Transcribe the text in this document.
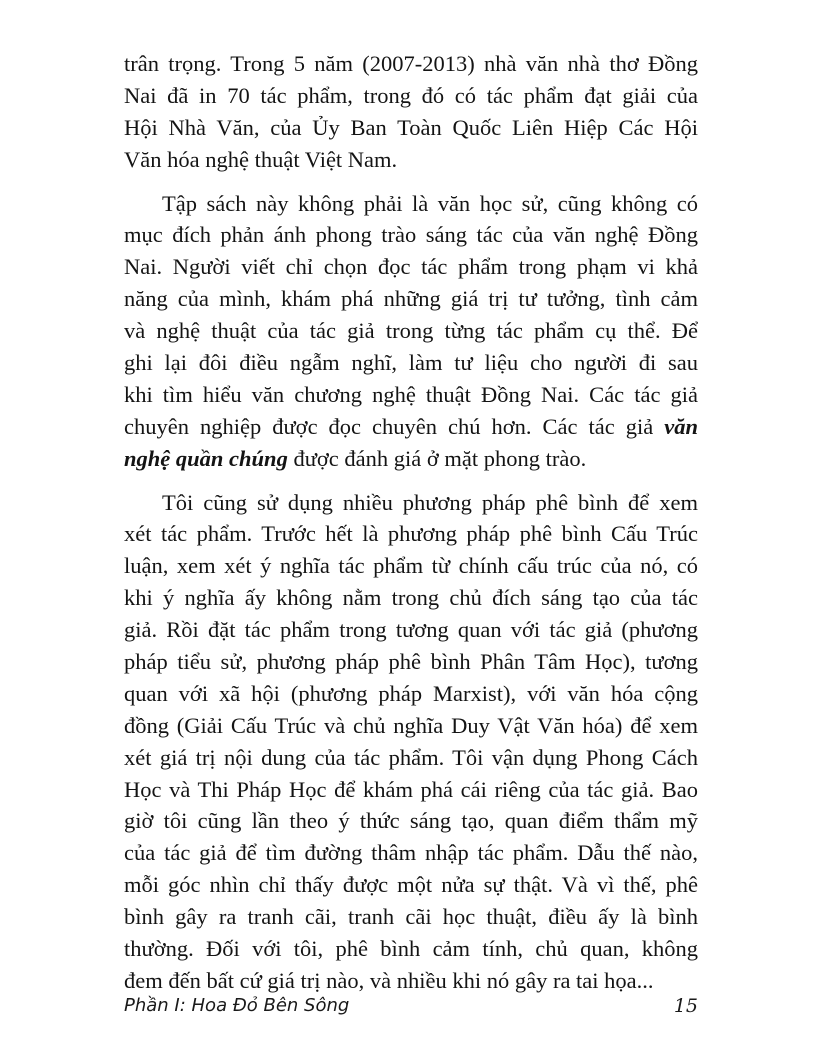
trân trọng. Trong 5 năm (2007-2013) nhà văn nhà thơ Đồng
Nai đã in 70 tác phẩm, trong đó có tác phẩm đạt giải của
Hội Nhà Văn, của Ủy Ban Toàn Quốc Liên Hiệp Các Hội
Văn hóa nghệ thuật Việt Nam.
Tập sách này không phải là văn học sử, cũng không có
mục đích phản ánh phong trào sáng tác của văn nghệ Đồng
Nai. Người viết chỉ chọn đọc tác phẩm trong phạm vi khả
năng của mình, khám phá những giá trị tư tưởng, tình cảm
và nghệ thuật của tác giả trong từng tác phẩm cụ thể. Để
ghi lại đôi điều ngẫm nghĩ, làm tư liệu cho người đi sau
khi tìm hiểu văn chương nghệ thuật Đồng Nai. Các tác giả
chuyên nghiệp được đọc chuyên chú hơn. Các tác giả văn
nghệ quần chúng được đánh giá ở mặt phong trào.
Tôi cũng sử dụng nhiều phương pháp phê bình để xem
xét tác phẩm. Trước hết là phương pháp phê bình Cấu Trúc
luận, xem xét ý nghĩa tác phẩm từ chính cấu trúc của nó, có
khi ý nghĩa ấy không nằm trong chủ đích sáng tạo của tác
giả. Rồi đặt tác phẩm trong tương quan với tác giả (phương
pháp tiểu sử, phương pháp phê bình Phân Tâm Học), tương
quan với xã hội (phương pháp Marxist), với văn hóa cộng
đồng (Giải Cấu Trúc và chủ nghĩa Duy Vật Văn hóa) để xem
xét giá trị nội dung của tác phẩm. Tôi vận dụng Phong Cách
Học và Thi Pháp Học để khám phá cái riêng của tác giả. Bao
giờ tôi cũng lần theo ý thức sáng tạo, quan điểm thẩm mỹ
của tác giả để tìm đường thâm nhập tác phẩm. Dẫu thế nào,
mỗi góc nhìn chỉ thấy được một nửa sự thật. Và vì thế, phê
bình gây ra tranh cãi, tranh cãi học thuật, điều ấy là bình
thường. Đối với tôi, phê bình cảm tính, chủ quan, không
đem đến bất cứ giá trị nào, và nhiều khi nó gây ra tai họa...
Phần I: Hoa Đỏ Bên Sông	15
